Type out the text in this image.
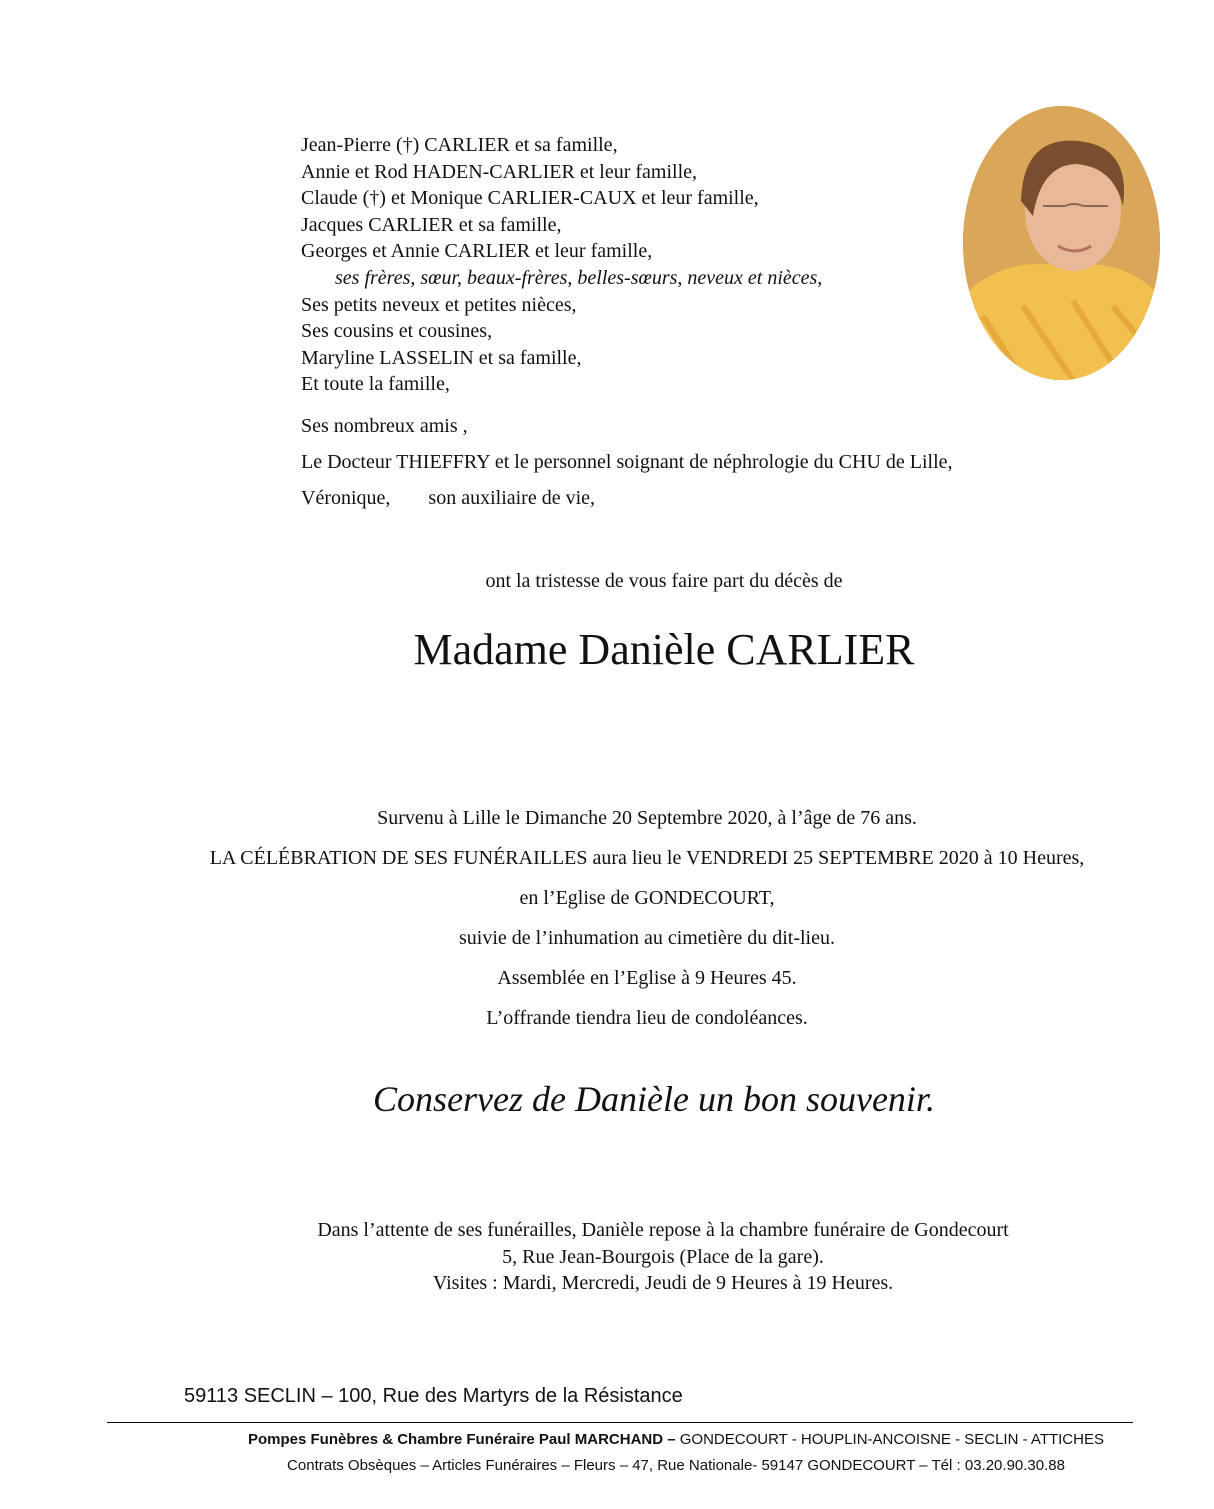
Jean-Pierre (†) CARLIER et sa famille,
Annie et Rod HADEN-CARLIER et leur famille,
Claude (†) et Monique CARLIER-CAUX et leur famille,
Jacques CARLIER et sa famille,
Georges et Annie CARLIER et leur famille,
ses frères, sœur, beaux-frères, belles-sœurs, neveux et nièces,
Ses petits neveux et petites nièces,
Ses cousins et cousines,
Maryline LASSELIN et sa famille,
Et toute la famille,
Ses nombreux amis ,
Le Docteur THIEFFRY et le personnel soignant de néphrologie du CHU de Lille,
Véronique, son auxiliaire de vie,
ont la tristesse de vous faire part du décès de
Madame Danièle CARLIER
Survenu à Lille le Dimanche 20 Septembre 2020, à l’âge de 76 ans.
LA CÉLÉBRATION DE SES FUNÉRAILLES aura lieu le VENDREDI 25 SEPTEMBRE 2020 à 10 Heures,
en l’Eglise de GONDECOURT,
suivie de l’inhumation au cimetière du dit-lieu.
Assemblée en l’Eglise à 9 Heures 45.
L’offrande tiendra lieu de condoléances.
Conservez de Danièle un bon souvenir.
Dans l’attente de ses funérailles, Danièle repose à la chambre funéraire de Gondecourt
5, Rue Jean-Bourgois (Place de la gare).
Visites : Mardi, Mercredi, Jeudi de 9 Heures à 19 Heures.
59113 SECLIN – 100, Rue des Martyrs de la Résistance
Pompes Funèbres & Chambre Funéraire Paul MARCHAND – GONDECOURT - HOUPLIN-ANCOISNE - SECLIN - ATTICHES
Contrats Obsèques – Articles Funéraires – Fleurs – 47, Rue Nationale- 59147 GONDECOURT – Tél : 03.20.90.30.88
